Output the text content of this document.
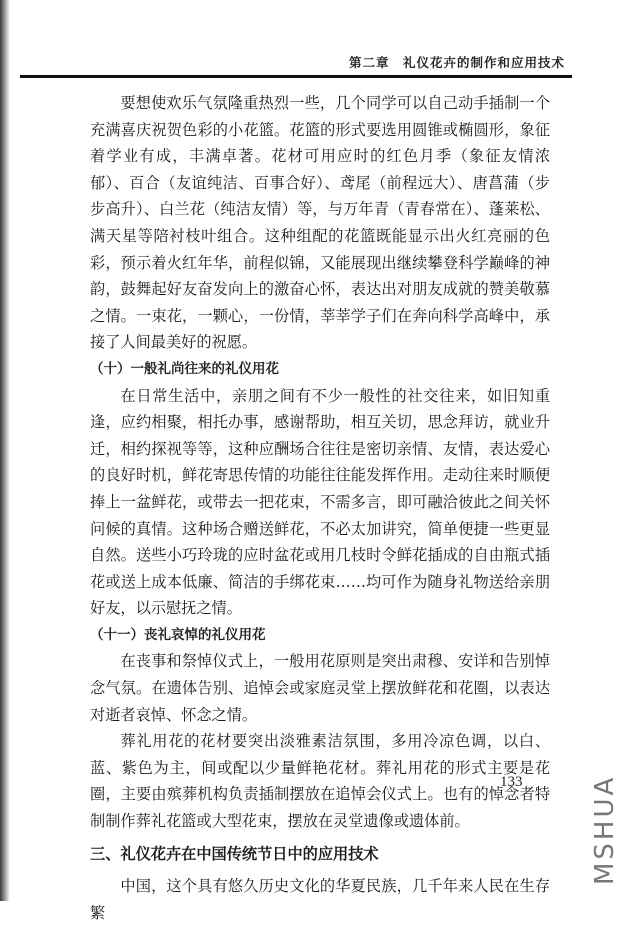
第二章　礼仪花卉的制作和应用技术

要想使欢乐气氛隆重热烈一些，几个同学可以自己动手插制一个充满喜庆祝贺色彩的小花篮。花篮的形式要选用圆锥或椭圆形，象征着学业有成，丰满卓著。花材可用应时的红色月季（象征友情浓郁）、百合（友谊纯洁、百事合好）、鸢尾（前程远大）、唐菖蒲（步步高升）、白兰花（纯洁友情）等，与万年青（青春常在）、蓬莱松、满天星等陪衬枝叶组合。这种组配的花篮既能显示出火红亮丽的色彩，预示着火红年华，前程似锦，又能展现出继续攀登科学巅峰的神韵，鼓舞起好友奋发向上的激奋心怀，表达出对朋友成就的赞美敬慕之情。一束花，一颗心，一份情，莘莘学子们在奔向科学高峰中，承接了人间最美好的祝愿。

（十）一般礼尚往来的礼仪用花

在日常生活中，亲朋之间有不少一般性的社交往来，如旧知重逢，应约相聚，相托办事，感谢帮助，相互关切，思念拜访，就业升迁，相约探视等等，这种应酬场合往往是密切亲情、友情，表达爱心的良好时机，鲜花寄思传情的功能往往能发挥作用。走动往来时顺便捧上一盆鲜花，或带去一把花束，不需多言，即可融洽彼此之间关怀问候的真情。这种场合赠送鲜花，不必太加讲究，简单便捷一些更显自然。送些小巧玲珑的应时盆花或用几枝时令鲜花插成的自由瓶式插花或送上成本低廉、简洁的手绑花束……均可作为随身礼物送给亲朋好友，以示慰抚之情。

（十一）丧礼哀悼的礼仪用花

在丧事和祭悼仪式上，一般用花原则是突出肃穆、安详和告别悼念气氛。在遗体告别、追悼会或家庭灵堂上摆放鲜花和花圈，以表达对逝者哀悼、怀念之情。

葬礼用花的花材要突出淡雅素洁氛围，多用冷凉色调，以白、蓝、紫色为主，间或配以少量鲜艳花材。葬礼用花的形式主要是花圈，主要由殡葬机构负责插制摆放在追悼会仪式上。也有的悼念者特制制作葬礼花篮或大型花束，摆放在灵堂遗像或遗体前。

三、礼仪花卉在中国传统节日中的应用技术

中国，这个具有悠久历史文化的华夏民族，几千年来人民在生存繁

133	MSHUA
